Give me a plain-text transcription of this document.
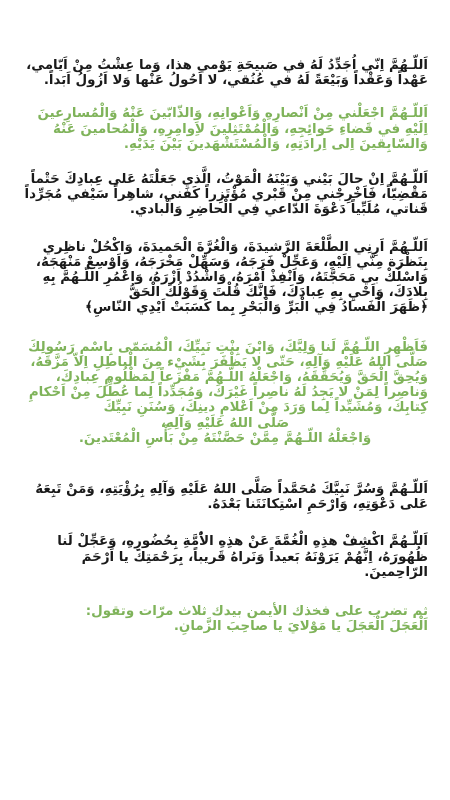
اَللّـهُمَّ اِنّي اُجَدِّدُ لَهُ في صَبيحَةِ يَوْمي هذا، وَما عِشْتُ مِنْ اَيّامي،
عَهْداً وَعَقْداً وَبَيْعَةً لَهُ في عُنُقي، لا اَحُولُ عَنْها وَلا اَزُولُ اَبَداً.

اَللّـهُمَّ اجْعَلْني مِنْ اَنْصارِهِ وَاَعْوانِهِ، وَالذّابّينَ عَنْهُ وَالْمُسارِعينَ
اِلَيْهِ في قَضاءِ حَوائِجِهِ، وَالْمُمْتَثِلينَ لاَِوامِرِهِ، وَالْمُحامينَ عَنْهُ
وَالسّابِقينَ اِلى اِرادَتِهِ، وَالْمُسْتَشْهَدينَ بَيْنَ يَدَيْهِ.

اَللّـهُمَّ اِنْ حالَ بَيْني وَبَيْنَهُ الْمَوْتُ، الَّذي جَعَلْتَهُ عَلى عِبادِكَ حَتْماً
مَقْضِيّاً، فَاَخْرِجْني مِنْ قَبْري مُؤْتَزِراً كَفَني، شاهِراً سَيْفي مُجَرِّداً
قَناتي، مُلَبِّياً دَعْوَةَ الدّاعي فِي الْحاضِرِ وَالْبادي.

اَللّـهُمَّ اَرِنِي الطَّلْعَةَ الرَّشيدَةَ، وَالْغُرَّةَ الْحَميدَةَ، وَاكْحُلْ ناظِري
بِنَظْرَة مِنّي اِلَيْهِ، وَعَجِّلْ فَرَجَهُ، وَسَهِّلْ مَخْرَجَهُ، وَاَوْسِعْ مَنْهَجَهُ،
وَاسْلُكْ بي مَحَجَّتَهُ، وَاَنْفِذْ اَمْرَهُ، وَاشْدُدْ اَزْرَهُ، وَاعْمُرِ اللّـهُمَّ بِهِ
بِلادَكَ، وَاَحْيِ بِهِ عِبادَكَ، فَاِنَّكَ قُلْتَ وَقَوْلُكَ الْحَقُّ
﴿ظَهَرَ الْفَسادُ فِي الْبَرِّ وَالْبَحْرِ بِما كَسَبَتْ اَيْدِي النّاسِ﴾

فَاَظْهِرِ اللّـهُمَّ لَنا وَلِيَّكَ، وَابْنَ بِنْتِ نَبِيِّكَ، الْمُسَمّى بِاسْمِ رَسُولِكَ
صَلَّى اللهُ عَلَيْهِ وَآلِهِ، حَتّى لا يَظْفَرَ بِشَيْء مِنَ الْباطِلِ اِلاّ مَزَّقَهُ،
وَيُحِقَّ الْحَقَّ وَيُحَقِّقَهُ، وَاجْعَلْهُ اللّـهُمَّ مَفْزَعاً لِمَظْلُومِ عِبادِكَ،
وَناصِراً لِمَنْ لا يَجِدُ لَهُ ناصِراً غَيْرَكَ، وَمُجَدِّداً لِما عُطِّلَ مِنْ اَحْكامِ
كِتابِكَ، وَمُشَيِّداً لِما وَرَدَ مِنْ اَعْلامِ دينِكَ، وَسُنَنِ نَبِيِّكَ
صَلَّى اللهُ عَلَيْهِ وَآلِهِ،
وَاجْعَلْهُ اللّـهُمَّ مِمَّنْ حَصَّنْتَهُ مِنْ بَأْسِ الْمُعْتَدينَ.

اَللّـهُمَّ وَسُرَّ نَبِيَّكَ مُحَمَّداً صَلَّى اللهُ عَلَيْهِ وَآلِهِ بِرُؤْيَتِهِ، وَمَنْ تَبِعَهُ
عَلى دَعْوَتِهِ، وَارْحَمِ اسْتِكانَتَنا بَعْدَهُ.

اَللّـهُمَّ اكْشِفْ هذِهِ الْغُمَّةَ عَنْ هذِهِ الاُْمَّةِ بِحُضُورِهِ، وَعَجِّلْ لَنا
ظُهُورَهُ، اِنَّهُمْ يَرَوْنَهُ بَعيداً وَنَراهُ قَريباً، بِرَحْمَتِكَ يا اَرْحَمَ
الرّاحِمينَ.

ثم تضرب على فخذك الأيمن بيدك ثلاث مرّات وتقول:
اَلْعَجَلَ الْعَجَلَ يا مَوْلايَ يا صاحِبَ الزَّمانِ.
